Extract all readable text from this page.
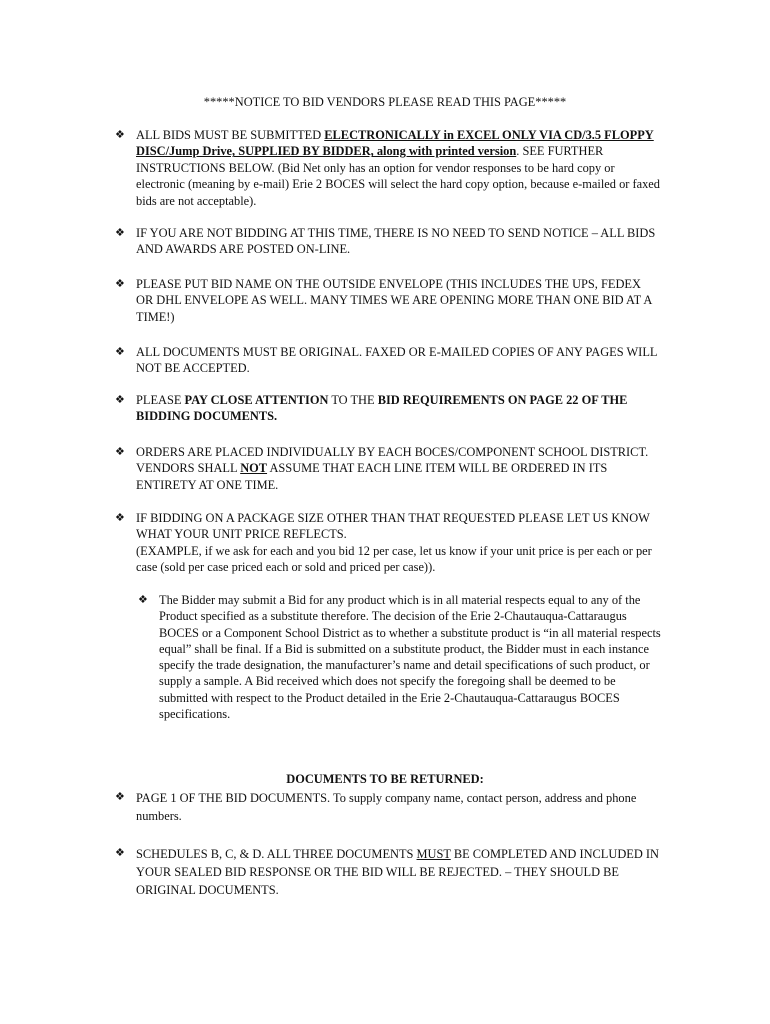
*****NOTICE TO BID VENDORS PLEASE READ THIS PAGE*****
❖ ALL BIDS MUST BE SUBMITTED ELECTRONICALLY in EXCEL ONLY VIA CD/3.5 FLOPPY DISC/Jump Drive, SUPPLIED BY BIDDER, along with printed version. SEE FURTHER INSTRUCTIONS BELOW. (Bid Net only has an option for vendor responses to be hard copy or electronic (meaning by e-mail) Erie 2 BOCES will select the hard copy option, because e-mailed or faxed bids are not acceptable).
❖ IF YOU ARE NOT BIDDING AT THIS TIME, THERE IS NO NEED TO SEND NOTICE – ALL BIDS AND AWARDS ARE POSTED ON-LINE.
❖ PLEASE PUT BID NAME ON THE OUTSIDE ENVELOPE (THIS INCLUDES THE UPS, FEDEX OR DHL ENVELOPE AS WELL. MANY TIMES WE ARE OPENING MORE THAN ONE BID AT A TIME!)
❖ ALL DOCUMENTS MUST BE ORIGINAL. FAXED OR E-MAILED COPIES OF ANY PAGES WILL NOT BE ACCEPTED.
❖ PLEASE PAY CLOSE ATTENTION TO THE BID REQUIREMENTS ON PAGE 22 OF THE BIDDING DOCUMENTS.
❖ ORDERS ARE PLACED INDIVIDUALLY BY EACH BOCES/COMPONENT SCHOOL DISTRICT. VENDORS SHALL NOT ASSUME THAT EACH LINE ITEM WILL BE ORDERED IN ITS ENTIRETY AT ONE TIME.
❖ IF BIDDING ON A PACKAGE SIZE OTHER THAN THAT REQUESTED PLEASE LET US KNOW WHAT YOUR UNIT PRICE REFLECTS.
(EXAMPLE, if we ask for each and you bid 12 per case, let us know if your unit price is per each or per case (sold per case priced each or sold and priced per case)).
❖ The Bidder may submit a Bid for any product which is in all material respects equal to any of the Product specified as a substitute therefore. The decision of the Erie 2-Chautauqua-Cattaraugus BOCES or a Component School District as to whether a substitute product is “in all material respects equal” shall be final. If a Bid is submitted on a substitute product, the Bidder must in each instance specify the trade designation, the manufacturer’s name and detail specifications of such product, or supply a sample. A Bid received which does not specify the foregoing shall be deemed to be submitted with respect to the Product detailed in the Erie 2-Chautauqua-Cattaraugus BOCES specifications.
DOCUMENTS TO BE RETURNED:
❖ PAGE 1 OF THE BID DOCUMENTS. To supply company name, contact person, address and phone numbers.
❖ SCHEDULES B, C, & D. ALL THREE DOCUMENTS MUST BE COMPLETED AND INCLUDED IN YOUR SEALED BID RESPONSE OR THE BID WILL BE REJECTED. – THEY SHOULD BE ORIGINAL DOCUMENTS.
